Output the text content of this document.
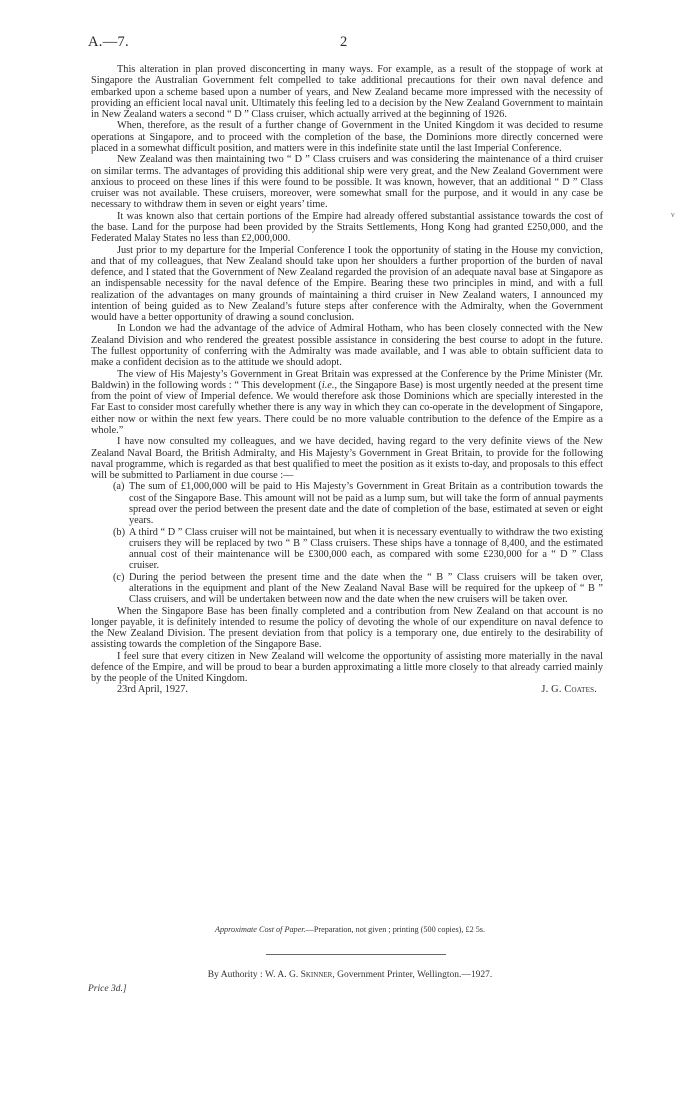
A.—7.	2
ν

This alteration in plan proved disconcerting in many ways. For example, as a result of the stoppage of work at Singapore the Australian Government felt compelled to take additional precautions for their own naval defence and embarked upon a scheme based upon a number of years, and New Zealand became more impressed with the necessity of providing an efficient local naval unit. Ultimately this feeling led to a decision by the New Zealand Government to maintain in New Zealand waters a second “ D ” Class cruiser, which actually arrived at the beginning of 1926.

When, therefore, as the result of a further change of Government in the United Kingdom it was decided to resume operations at Singapore, and to proceed with the completion of the base, the Dominions more directly concerned were placed in a somewhat difficult position, and matters were in this indefinite state until the last Imperial Conference.

New Zealand was then maintaining two “ D ” Class cruisers and was considering the maintenance of a third cruiser on similar terms. The advantages of providing this additional ship were very great, and the New Zealand Government were anxious to proceed on these lines if this were found to be possible. It was known, however, that an additional “ D ” Class cruiser was not available. These cruisers, moreover, were somewhat small for the purpose, and it would in any case be necessary to withdraw them in seven or eight years’ time.

It was known also that certain portions of the Empire had already offered substantial assistance towards the cost of the base. Land for the purpose had been provided by the Straits Settlements, Hong Kong had granted £250,000, and the Federated Malay States no less than £2,000,000.

Just prior to my departure for the Imperial Conference I took the opportunity of stating in the House my conviction, and that of my colleagues, that New Zealand should take upon her shoulders a further proportion of the burden of naval defence, and I stated that the Government of New Zealand regarded the provision of an adequate naval base at Singapore as an indispensable necessity for the naval defence of the Empire. Bearing these two principles in mind, and with a full realization of the advantages on many grounds of maintaining a third cruiser in New Zealand waters, I announced my intention of being guided as to New Zealand’s future steps after conference with the Admiralty, when the Government would have a better opportunity of drawing a sound conclusion.

In London we had the advantage of the advice of Admiral Hotham, who has been closely connected with the New Zealand Division and who rendered the greatest possible assistance in considering the best course to adopt in the future. The fullest opportunity of conferring with the Admiralty was made available, and I was able to obtain sufficient data to make a confident decision as to the attitude we should adopt.

The view of His Majesty’s Government in Great Britain was expressed at the Conference by the Prime Minister (Mr. Baldwin) in the following words : “ This development (i.e., the Singapore Base) is most urgently needed at the present time from the point of view of Imperial defence. We would therefore ask those Dominions which are specially interested in the Far East to consider most carefully whether there is any way in which they can co-operate in the development of Singapore, either now or within the next few years. There could be no more valuable contribution to the defence of the Empire as a whole.”

I have now consulted my colleagues, and we have decided, having regard to the very definite views of the New Zealand Naval Board, the British Admiralty, and His Majesty’s Government in Great Britain, to provide for the following naval programme, which is regarded as that best qualified to meet the position as it exists to-day, and proposals to this effect will be submitted to Parliament in due course :—

(a) The sum of £1,000,000 will be paid to His Majesty’s Government in Great Britain as a contribution towards the cost of the Singapore Base. This amount will not be paid as a lump sum, but will take the form of annual payments spread over the period between the present date and the date of completion of the base, estimated at seven or eight years.
(b) A third “ D ” Class cruiser will not be maintained, but when it is necessary eventually to withdraw the two existing cruisers they will be replaced by two “ B ” Class cruisers. These ships have a tonnage of 8,400, and the estimated annual cost of their maintenance will be £300,000 each, as compared with some £230,000 for a “ D ” Class cruiser.
(c) During the period between the present time and the date when the “ B ” Class cruisers will be taken over, alterations in the equipment and plant of the New Zealand Naval Base will be required for the upkeep of “ B ” Class cruisers, and will be undertaken between now and the date when the new cruisers will be taken over.

When the Singapore Base has been finally completed and a contribution from New Zealand on that account is no longer payable, it is definitely intended to resume the policy of devoting the whole of our expenditure on naval defence to the New Zealand Division. The present deviation from that policy is a temporary one, due entirely to the desirability of assisting towards the completion of the Singapore Base.

I feel sure that every citizen in New Zealand will welcome the opportunity of assisting more materially in the naval defence of the Empire, and will be proud to bear a burden approximating a little more closely to that already carried mainly by the people of the United Kingdom.

23rd April, 1927.	J. G. Coates.
Approximate Cost of Paper.—Preparation, not given ; printing (500 copies), £2 5s.
By Authority : W. A. G. Skinner, Government Printer, Wellington.—1927.
Price 3d.]
